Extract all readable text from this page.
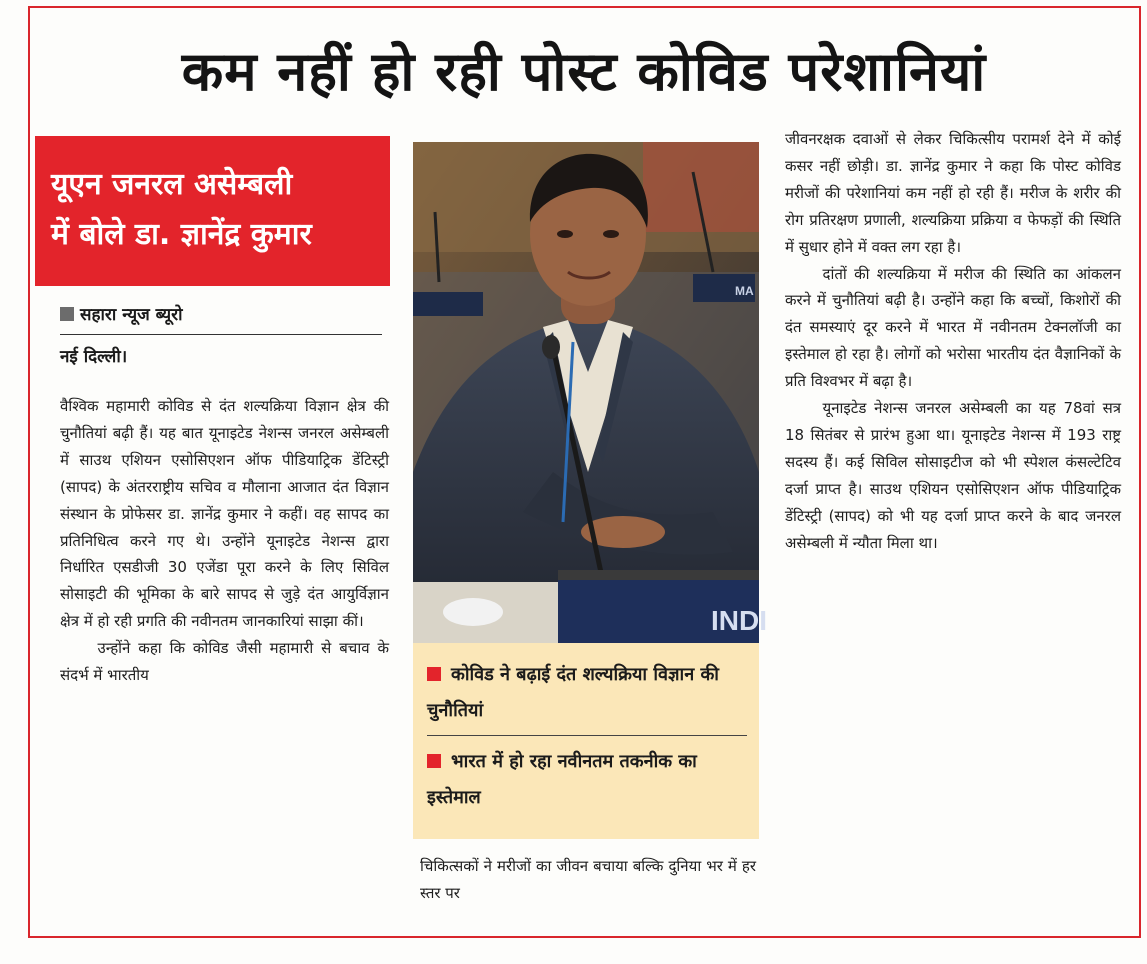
कम नहीं हो रही पोस्ट कोविड परेशानियां
यूएन जनरल असेम्बली
में बोले डा. ज्ञानेंद्र कुमार
सहारा न्यूज ब्यूरो
नई दिल्ली।

वैश्विक महामारी कोविड से दंत शल्यक्रिया विज्ञान क्षेत्र की चुनौतियां बढ़ी हैं। यह बात यूनाइटेड नेशन्स जनरल असेम्बली में साउथ एशियन एसोसिएशन ऑफ पीडियाट्रिक डेंटिस्ट्री (सापद) के अंतरराष्ट्रीय सचिव व मौलाना आजात दंत विज्ञान संस्थान के प्रोफेसर डा. ज्ञानेंद्र कुमार ने कहीं। वह सापद का प्रतिनिधित्व करने गए थे। उन्होंने यूनाइटेड नेशन्स द्वारा निर्धारित एसडीजी 30 एजेंडा पूरा करने के लिए सिविल सोसाइटी की भूमिका के बारे सापद से जुड़े दंत आयुर्विज्ञान क्षेत्र में हो रही प्रगति की नवीनतम जानकारियां साझा कीं।

उन्होंने कहा कि कोविड जैसी महामारी से बचाव के संदर्भ में भारतीय

MA
INDI
कोविड ने बढ़ाई दंत शल्यक्रिया विज्ञान की चुनौतियां
भारत में हो रहा नवीनतम तकनीक का इस्तेमाल

चिकित्सकों ने मरीजों का जीवन बचाया बल्कि दुनिया भर में हर स्तर पर

जीवनरक्षक दवाओं से लेकर चिकित्सीय परामर्श देने में कोई कसर नहीं छोड़ी। डा. ज्ञानेंद्र कुमार ने कहा कि पोस्ट कोविड मरीजों की परेशानियां कम नहीं हो रही हैं। मरीज के शरीर की रोग प्रतिरक्षण प्रणाली, शल्यक्रिया प्रक्रिया व फेफड़ों की स्थिति में सुधार होने में वक्त लग रहा है।

दांतों की शल्यक्रिया में मरीज की स्थिति का आंकलन करने में चुनौतियां बढ़ी है। उन्होंने कहा कि बच्चों, किशोरों की दंत समस्याएं दूर करने में भारत में नवीनतम टेक्नलॉजी का इस्तेमाल हो रहा है। लोगों को भरोसा भारतीय दंत वैज्ञानिकों के प्रति विश्वभर में बढ़ा है।

यूनाइटेड नेशन्स जनरल असेम्बली का यह 78वां सत्र 18 सितंबर से प्रारंभ हुआ था। यूनाइटेड नेशन्स में 193 राष्ट्र सदस्य हैं। कई सिविल सोसाइटीज को भी स्पेशल कंसल्टेटिव दर्जा प्राप्त है। साउथ एशियन एसोसिएशन ऑफ पीडियाट्रिक डेंटिस्ट्री (सापद) को भी यह दर्जा प्राप्त करने के बाद जनरल असेम्बली में न्यौता मिला था।
